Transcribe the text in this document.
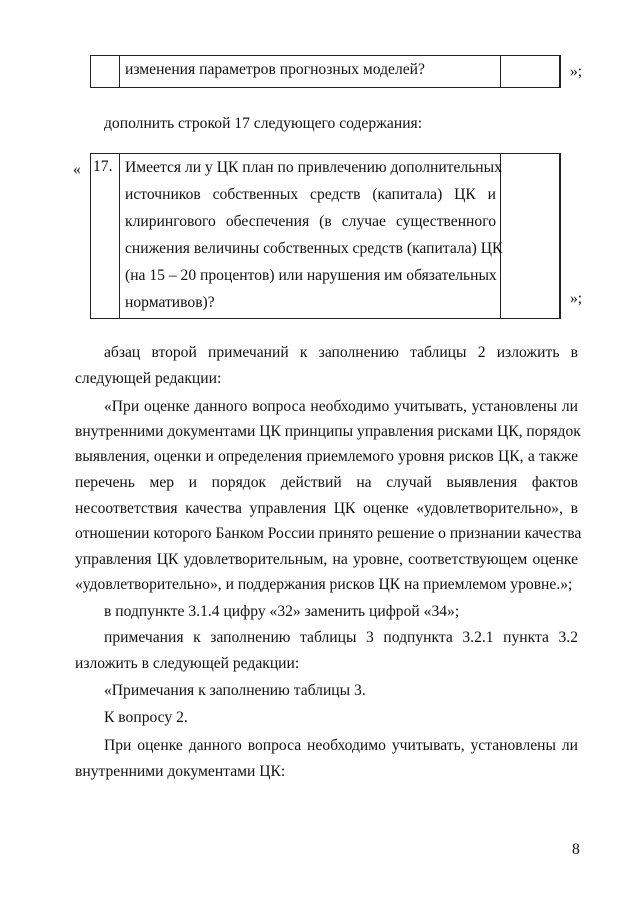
изменения параметров прогнозных моделей?	»;
дополнить строкой 17 следующего содержания:
« 17. Имеется ли у ЦК план по привлечению дополнительных
источников собственных средств (капитала) ЦК и
клирингового обеспечения (в случае существенного
снижения величины собственных средств (капитала) ЦК
(на 15 – 20 процентов) или нарушения им обязательных
нормативов)?	»;
абзац второй примечаний к заполнению таблицы 2 изложить в
следующей редакции:
«При оценке данного вопроса необходимо учитывать, установлены ли
внутренними документами ЦК принципы управления рисками ЦК, порядок
выявления, оценки и определения приемлемого уровня рисков ЦК, а также
перечень мер и порядок действий на случай выявления фактов
несоответствия качества управления ЦК оценке «удовлетворительно», в
отношении которого Банком России принято решение о признании качества
управления ЦК удовлетворительным, на уровне, соответствующем оценке
«удовлетворительно», и поддержания рисков ЦК на приемлемом уровне.»;
в подпункте 3.1.4 цифру «32» заменить цифрой «34»;
примечания к заполнению таблицы 3 подпункта 3.2.1 пункта 3.2
изложить в следующей редакции:
«Примечания к заполнению таблицы 3.
К вопросу 2.
При оценке данного вопроса необходимо учитывать, установлены ли
внутренними документами ЦК:
8
